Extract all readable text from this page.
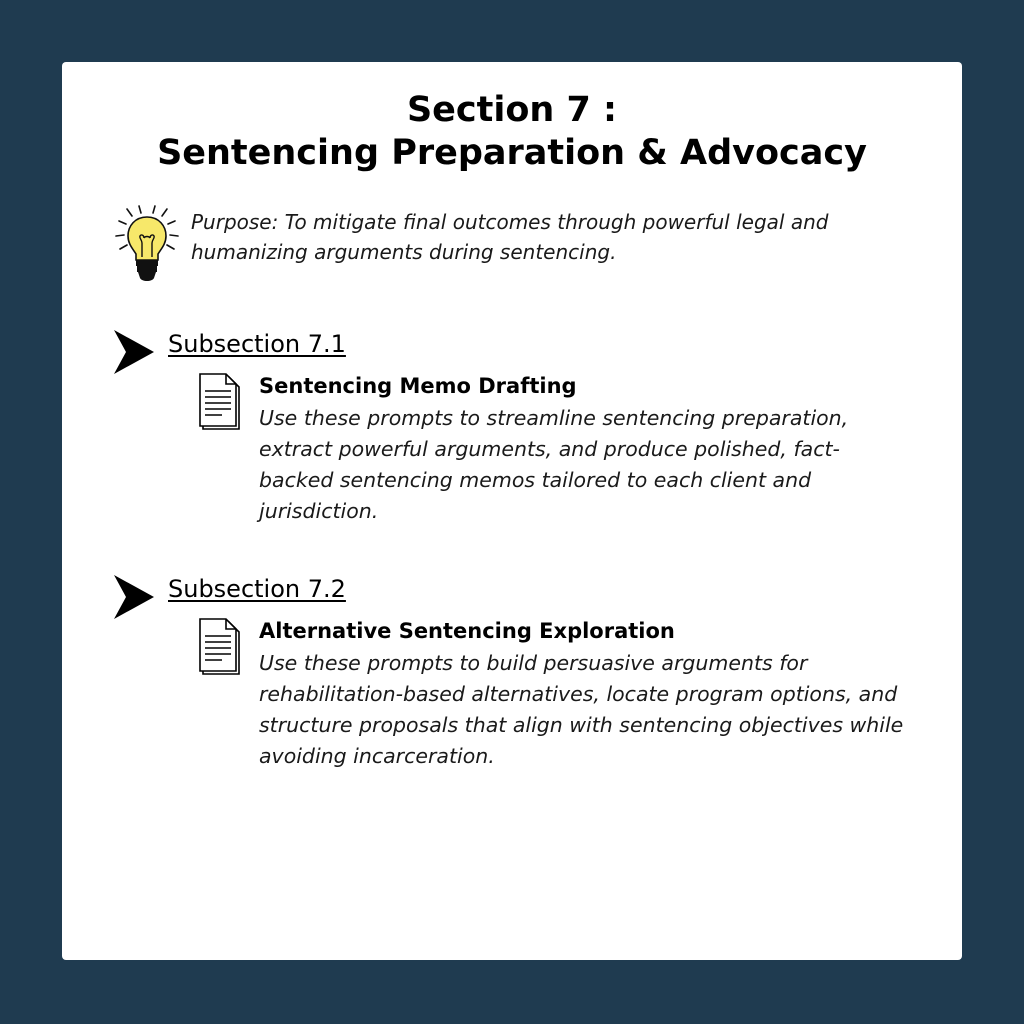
Section 7 :
Sentencing Preparation & Advocacy
Purpose: To mitigate final outcomes through powerful legal and humanizing arguments during sentencing.
Subsection 7.1
Sentencing Memo Drafting
Use these prompts to streamline sentencing preparation, extract powerful arguments, and produce polished, fact-backed sentencing memos tailored to each client and jurisdiction.
Subsection 7.2
Alternative Sentencing Exploration
Use these prompts to build persuasive arguments for rehabilitation-based alternatives, locate program options, and structure proposals that align with sentencing objectives while avoiding incarceration.
